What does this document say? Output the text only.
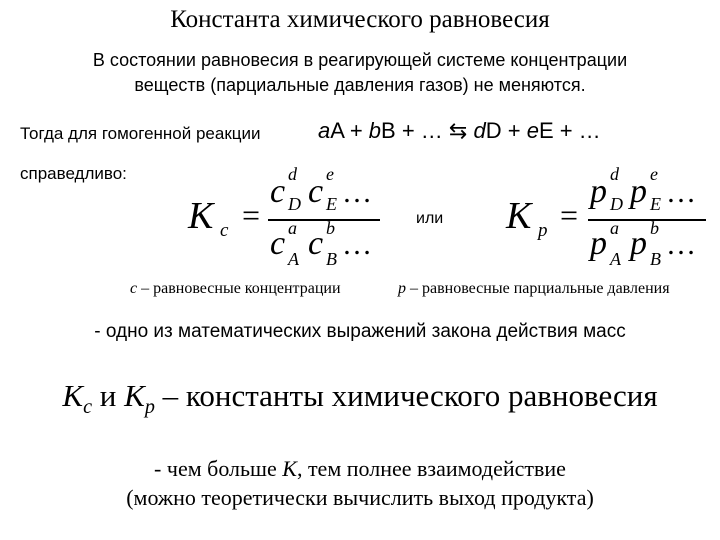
Константа химического равновесия
В состоянии равновесия в реагирующей системе концентрации
веществ (парциальные давления газов) не меняются.
Тогда для гомогенной реакции	aA + bB + … ⇆ dD + eE + …
справедливо:
K c =
c d
D c e
E …
c a
A c b
B …
или K p =
p d
D p e
E …
p a
A p b
B …
c – равновесные концентрации	p – равновесные парциальные давления
- одно из математических выражений закона действия масс
$K_c$ и $K_p$ – константы химического равновесия
- чем больше K, тем полнее взаимодействие
(можно теоретически вычислить выход продукта)
